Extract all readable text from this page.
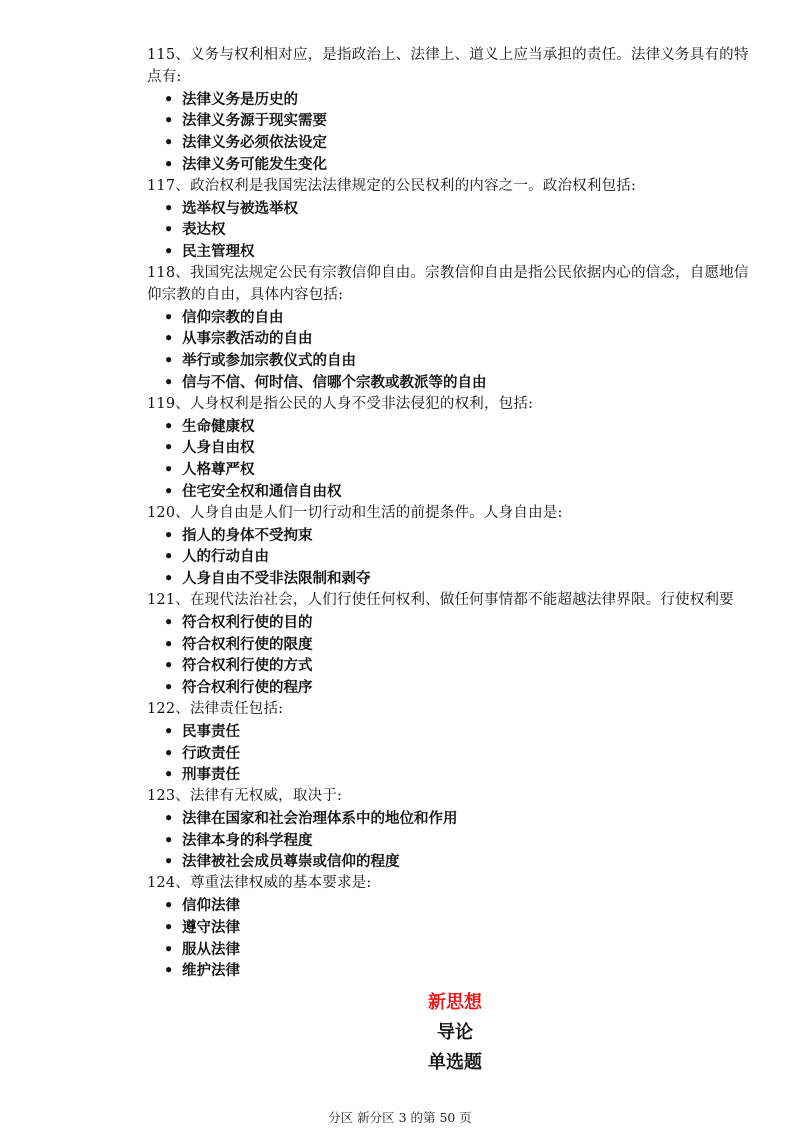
115、义务与权利相对应，是指政治上、法律上、道义上应当承担的责任。法律义务具有的特点有:

• 法律义务是历史的
• 法律义务源于现实需要
• 法律义务必须依法设定
• 法律义务可能发生变化

117、政治权利是我国宪法法律规定的公民权利的内容之一。政治权利包括:

• 选举权与被选举权
• 表达权
• 民主管理权

118、我国宪法规定公民有宗教信仰自由。宗教信仰自由是指公民依据内心的信念，自愿地信仰宗教的自由，具体内容包括:

• 信仰宗教的自由
• 从事宗教活动的自由
• 举行或参加宗教仪式的自由
• 信与不信、何时信、信哪个宗教或教派等的自由

119、人身权利是指公民的人身不受非法侵犯的权利，包括:

• 生命健康权
• 人身自由权
• 人格尊严权
• 住宅安全权和通信自由权

120、人身自由是人们一切行动和生活的前提条件。人身自由是:

• 指人的身体不受拘束
• 人的行动自由
• 人身自由不受非法限制和剥夺

121、在现代法治社会，人们行使任何权利、做任何事情都不能超越法律界限。行使权利要

• 符合权利行使的目的
• 符合权利行使的限度
• 符合权利行使的方式
• 符合权利行使的程序

122、法律责任包括:

• 民事责任
• 行政责任
• 刑事责任

123、法律有无权威，取决于:

• 法律在国家和社会治理体系中的地位和作用
• 法律本身的科学程度
• 法律被社会成员尊崇或信仰的程度

124、尊重法律权威的基本要求是:

• 信仰法律
• 遵守法律
• 服从法律
• 维护法律
新思想
导论
单选题
分区 新分区 3 的第 50 页
